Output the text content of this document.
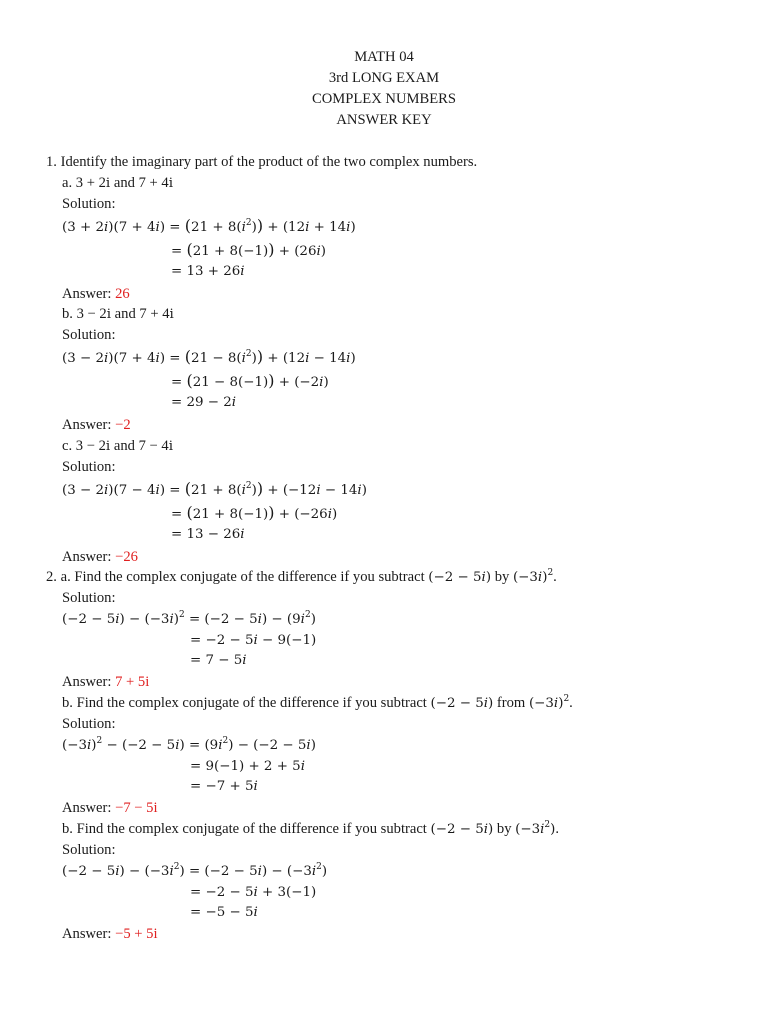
MATH 04
3rd LONG EXAM
COMPLEX NUMBERS
ANSWER KEY
1. Identify the imaginary part of the product of the two complex numbers.
a. 3 + 2i and 7 + 4i
Solution:
$(3 + 2i)(7 + 4i) = (21 + 8(i^2)) + (12i + 14i)$
= (21 + 8(−1)) + (26i)
= 13 + 26i
Answer: 26
b. 3 − 2i and 7 + 4i
Solution:
$(3 - 2i)(7 + 4i) = (21 - 8(i^2)) + (12i - 14i)$
= (21 − 8(−1)) + (−2i)
= 29 − 2i
Answer: −2
c. 3 − 2i and 7 − 4i
Solution:
$(3 - 2i)(7 - 4i) = (21 + 8(i^2)) + (-12i - 14i)$
= (21 + 8(−1)) + (−26i)
= 13 − 26i
Answer: −26
2. a. Find the complex conjugate of the difference if you subtract (−2 − 5i) by $(-3i)^2$.
Solution:
$(-2 - 5i) - (-3i)^2 = (-2 - 5i) - (9i^2)$
= −2 − 5i − 9(−1)
= 7 − 5i
Answer: 7 + 5i
b. Find the complex conjugate of the difference if you subtract (−2 − 5i) from $(-3i)^2$.
Solution:
$(-3i)^2 - (-2 - 5i) = (9i^2) - (-2 - 5i)$
= 9(−1) + 2 + 5i
= −7 + 5i
Answer: −7 − 5i
b. Find the complex conjugate of the difference if you subtract (−2 − 5i) by $(-3i^2)$.
Solution:
$(-2 - 5i) - (-3i^2) = (-2 - 5i) - (-3i^2)$
= −2 − 5i + 3(−1)
= −5 − 5i
Answer: −5 + 5i
